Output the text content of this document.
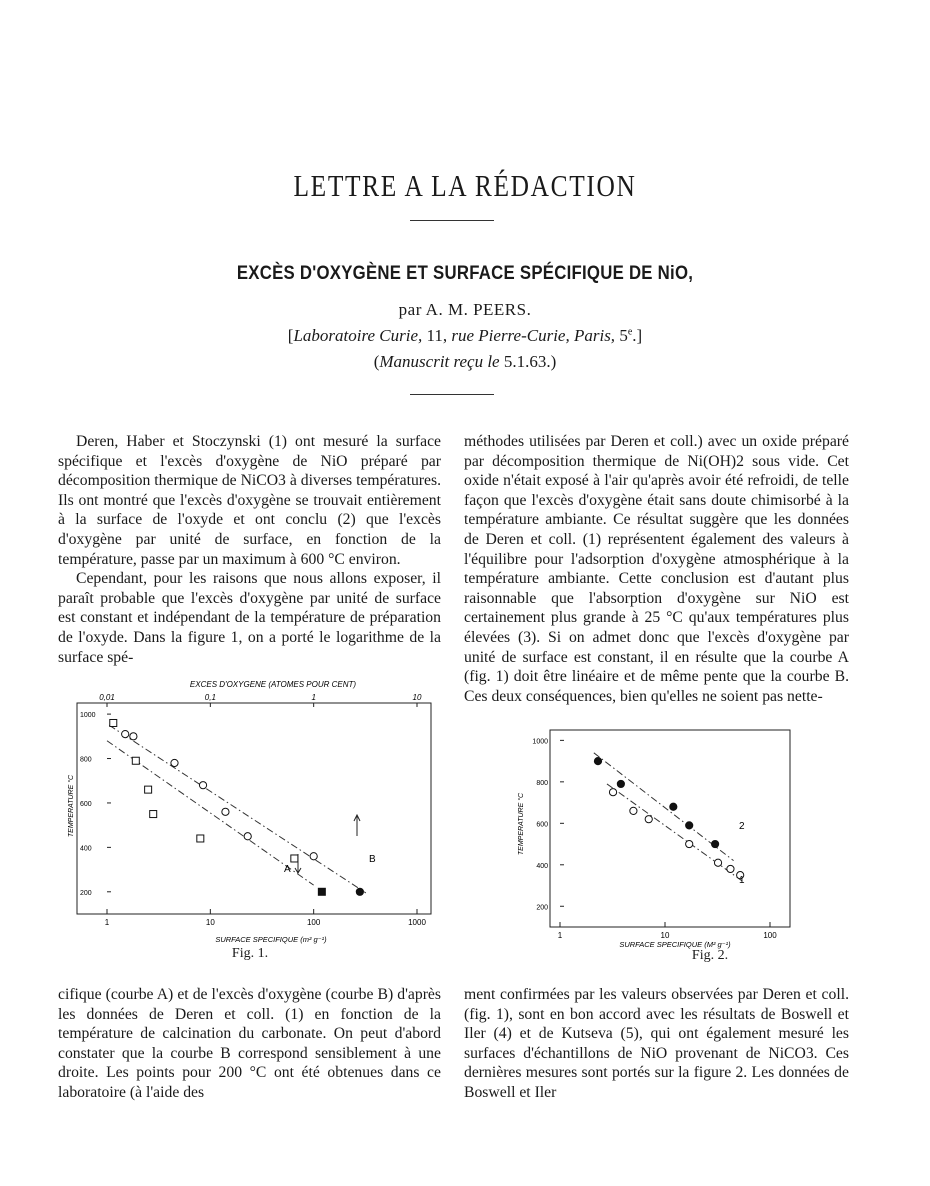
LETTRE A LA RÉDACTION
EXCÈS D'OXYGÈNE ET SURFACE SPÉCIFIQUE DE NiO,
par A. M. PEERS.
[Laboratoire Curie, 11, rue Pierre-Curie, Paris, 5e.]
(Manuscrit reçu le 5.1.63.)

Deren, Haber et Stoczynski (1) ont mesuré la surface spécifique et l'excès d'oxygène de NiO préparé par décomposition thermique de NiCO3 à diverses températures. Ils ont montré que l'excès d'oxygène se trouvait entièrement à la surface de l'oxyde et ont conclu (2) que l'excès d'oxygène par unité de surface, en fonction de la température, passe par un maximum à 600 °C environ.

Cependant, pour les raisons que nous allons exposer, il paraît probable que l'excès d'oxygène par unité de surface est constant et indépendant de la température de préparation de l'oxyde. Dans la figure 1, on a porté le logarithme de la surface spé-

méthodes utilisées par Deren et coll.) avec un oxide préparé par décomposition thermique de Ni(OH)2 sous vide. Cet oxide n'était exposé à l'air qu'après avoir été refroidi, de telle façon que l'excès d'oxygène était sans doute chimisorbé à la température ambiante. Ce résultat suggère que les données de Deren et coll. (1) représentent également des valeurs à l'équilibre pour l'adsorption d'oxygène atmosphérique à la température ambiante. Cette conclusion est d'autant plus raisonnable que l'absorption d'oxygène sur NiO est certainement plus grande à 25 °C qu'aux températures plus élevées (3). Si on admet donc que l'excès d'oxygène par unité de surface est constant, il en résulte que la courbe A (fig. 1) doit être linéaire et de même pente que la courbe B. Ces deux conséquences, bien qu'elles ne soient pas nette-

EXCES D'OXYGENE (ATOMES POUR CENT)
0,01	0,1	1	10
1	10	100	1000
1000
800
600
400
200
A
B
SURFACE SPECIFIQUE (m² g⁻¹)
TEMPERATURE °C
Fig. 1.
1	10	100
1000
800
600
400
200
1
2
SURFACE SPECIFIQUE (M² g⁻¹)
TEMPERATURE °C
Fig. 2.

cifique (courbe A) et de l'excès d'oxygène (courbe B) d'après les données de Deren et coll. (1) en fonction de la température de calcination du carbonate. On peut d'abord constater que la courbe B correspond sensiblement à une droite. Les points pour 200 °C ont été obtenues dans ce laboratoire (à l'aide des

ment confirmées par les valeurs observées par Deren et coll. (fig. 1), sont en bon accord avec les résultats de Boswell et Iler (4) et de Kutseva (5), qui ont également mesuré les surfaces d'échantillons de NiO provenant de NiCO3. Ces dernières mesures sont portés sur la figure 2. Les données de Boswell et Iler
